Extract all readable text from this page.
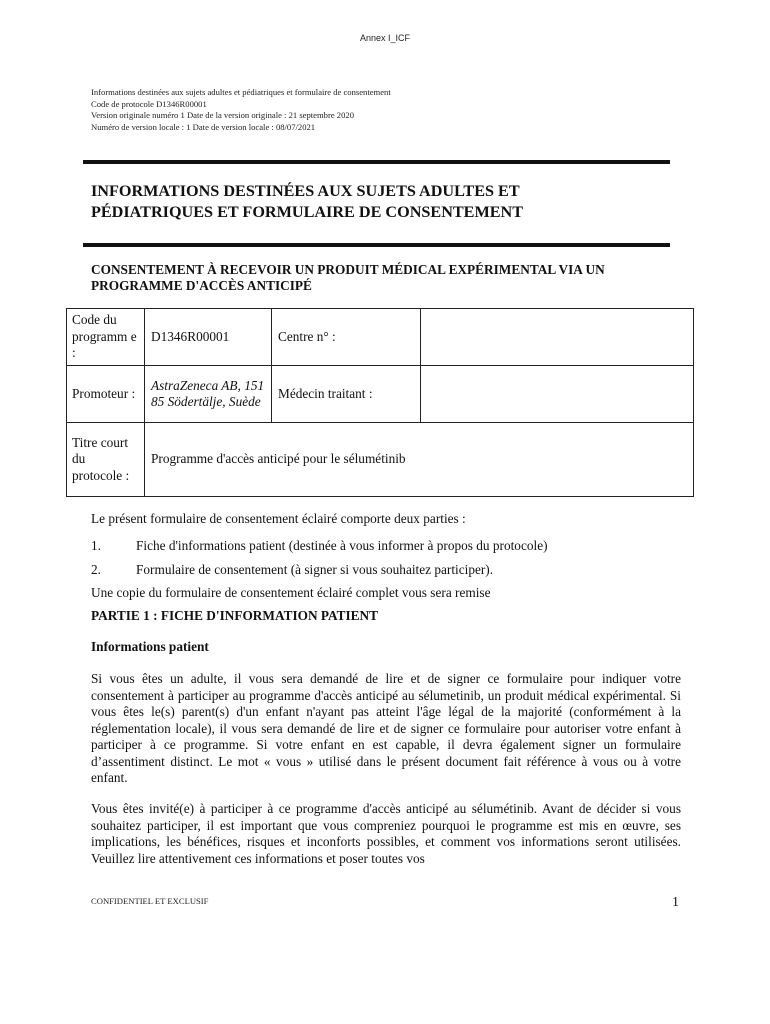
Annex I_ICF
Informations destinées aux sujets adultes et pédiatriques et formulaire de consentement
Code de protocole D1346R00001
Version originale numéro 1 Date de la version originale : 21 septembre 2020
Numéro de version locale : 1 Date de version locale : 08/07/2021
INFORMATIONS DESTINÉES AUX SUJETS ADULTES ET
PÉDIATRIQUES ET FORMULAIRE DE CONSENTEMENT
CONSENTEMENT À RECEVOIR UN PRODUIT MÉDICAL EXPÉRIMENTAL VIA UN
PROGRAMME D'ACCÈS ANTICIPÉ
Code du programm e :	D1346R00001	Centre n° :	
Promoteur :	AstraZeneca AB, 151 85 Södertälje, Suède	Médecin traitant :	
Titre court du protocole :	Programme d'accès anticipé pour le sélumétinib		

Le présent formulaire de consentement éclairé comporte deux parties :

1.	Fiche d'informations patient (destinée à vous informer à propos du protocole)
2.	Formulaire de consentement (à signer si vous souhaitez participer).

Une copie du formulaire de consentement éclairé complet vous sera remise

PARTIE 1 : FICHE D'INFORMATION PATIENT

Informations patient

Si vous êtes un adulte, il vous sera demandé de lire et de signer ce formulaire pour indiquer votre consentement à participer au programme d'accès anticipé au sélumetinib, un produit médical expérimental. Si vous êtes le(s) parent(s) d'un enfant n'ayant pas atteint l'âge légal de la majorité (conformément à la réglementation locale), il vous sera demandé de lire et de signer ce formulaire pour autoriser votre enfant à participer à ce programme. Si votre enfant en est capable, il devra également signer un formulaire d’assentiment distinct. Le mot « vous » utilisé dans le présent document fait référence à vous ou à votre enfant.

Vous êtes invité(e) à participer à ce programme d'accès anticipé au sélumétinib. Avant de décider si vous souhaitez participer, il est important que vous compreniez pourquoi le programme est mis en œuvre, ses implications, les bénéfices, risques et inconforts possibles, et comment vos informations seront utilisées. Veuillez lire attentivement ces informations et poser toutes vos

CONFIDENTIEL ET EXCLUSIF	1
